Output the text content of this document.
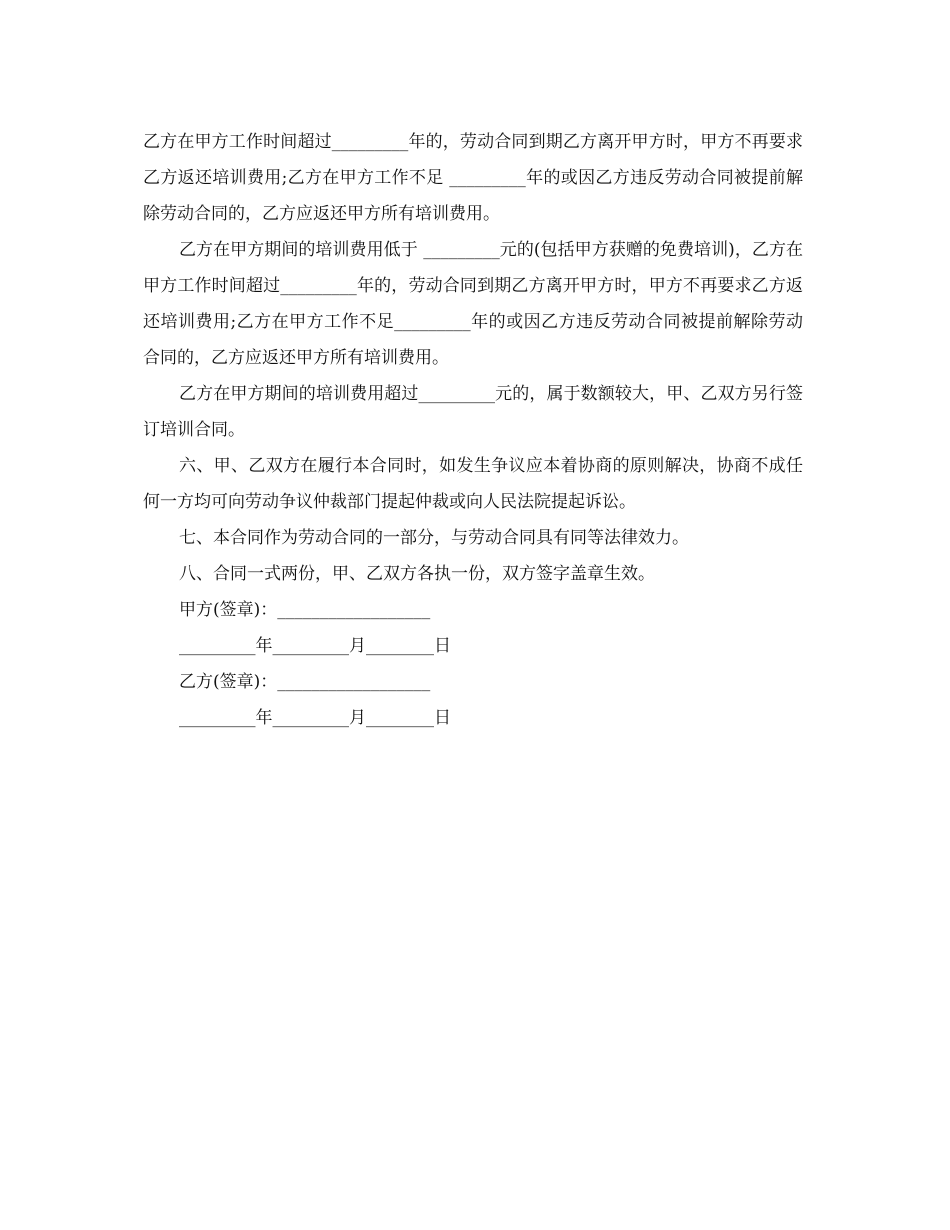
乙方在甲方工作时间超过_________年的，劳动合同到期乙方离开甲方时，甲方不再要求乙方返还培训费用;乙方在甲方工作不足 _________年的或因乙方违反劳动合同被提前解除劳动合同的，乙方应返还甲方所有培训费用。

乙方在甲方期间的培训费用低于 _________元的(包括甲方获赠的免费培训)，乙方在甲方工作时间超过_________年的，劳动合同到期乙方离开甲方时，甲方不再要求乙方返还培训费用;乙方在甲方工作不足_________年的或因乙方违反劳动合同被提前解除劳动合同的，乙方应返还甲方所有培训费用。

乙方在甲方期间的培训费用超过_________元的，属于数额较大，甲、乙双方另行签订培训合同。

六、甲、乙双方在履行本合同时，如发生争议应本着协商的原则解决，协商不成任何一方均可向劳动争议仲裁部门提起仲裁或向人民法院提起诉讼。

七、本合同作为劳动合同的一部分，与劳动合同具有同等法律效力。

八、合同一式两份，甲、乙双方各执一份，双方签字盖章生效。

甲方(签章)：__________________

_________年_________月________日

乙方(签章)：__________________

_________年_________月________日
